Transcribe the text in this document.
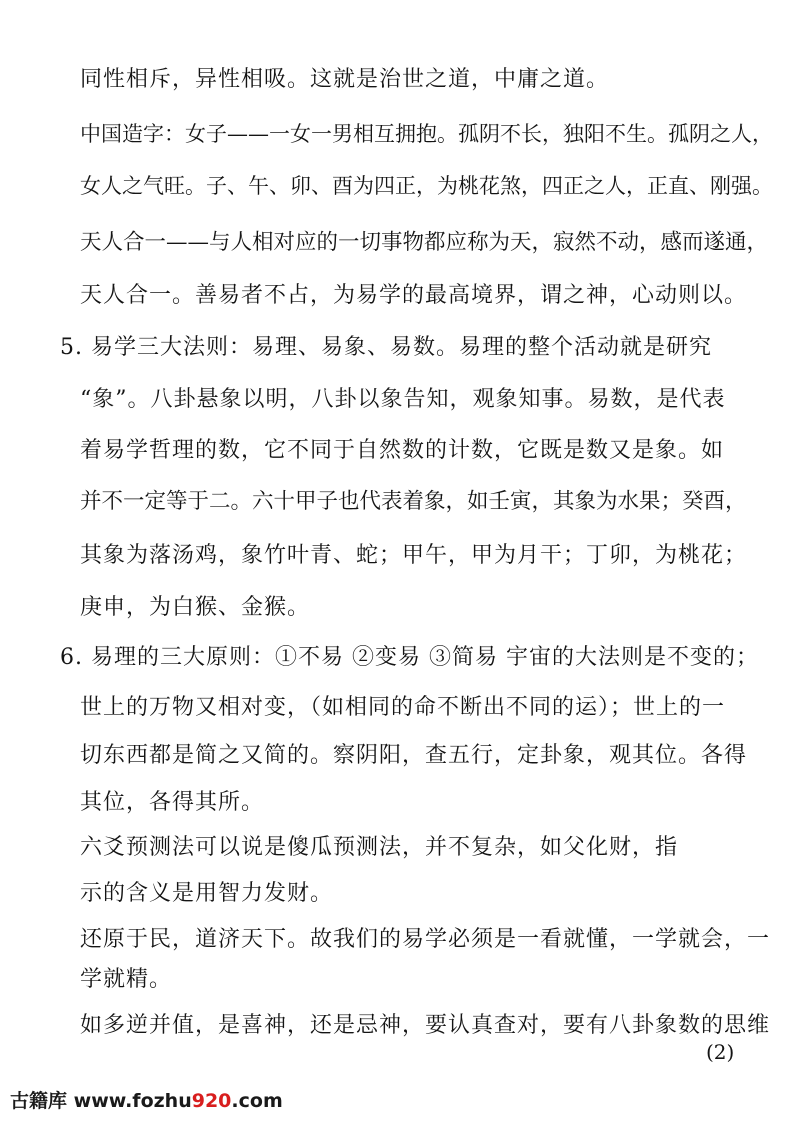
同性相斥，异性相吸。这就是治世之道，中庸之道。
中国造字：女子——一女一男相互拥抱。孤阴不长，独阳不生。孤阴之人，
女人之气旺。子、午、卯、酉为四正，为桃花煞，四正之人，正直、刚强。
天人合一——与人相对应的一切事物都应称为天，寂然不动，感而遂通，
天人合一。善易者不占，为易学的最高境界，谓之神，心动则以。
5. 易学三大法则：易理、易象、易数。易理的整个活动就是研究
“象”。八卦悬象以明，八卦以象告知，观象知事。易数，是代表
着易学哲理的数，它不同于自然数的计数，它既是数又是象。如
并不一定等于二。六十甲子也代表着象，如壬寅，其象为水果；癸酉，
其象为落汤鸡，象竹叶青、蛇；甲午，甲为月干；丁卯，为桃花；
庚申，为白猴、金猴。
6. 易理的三大原则：①不易 ②变易 ③简易 宇宙的大法则是不变的；
世上的万物又相对变，（如相同的命不断出不同的运）；世上的一
切东西都是简之又简的。察阴阳，查五行，定卦象，观其位。各得
其位，各得其所。
六爻预测法可以说是傻瓜预测法，并不复杂，如父化财，指
示的含义是用智力发财。
还原于民，道济天下。故我们的易学必须是一看就懂，一学就会，一
学就精。
如多逆并值，是喜神，还是忌神，要认真查对，要有八卦象数的思维
(2)
古籍库 www.fozhu920.com
